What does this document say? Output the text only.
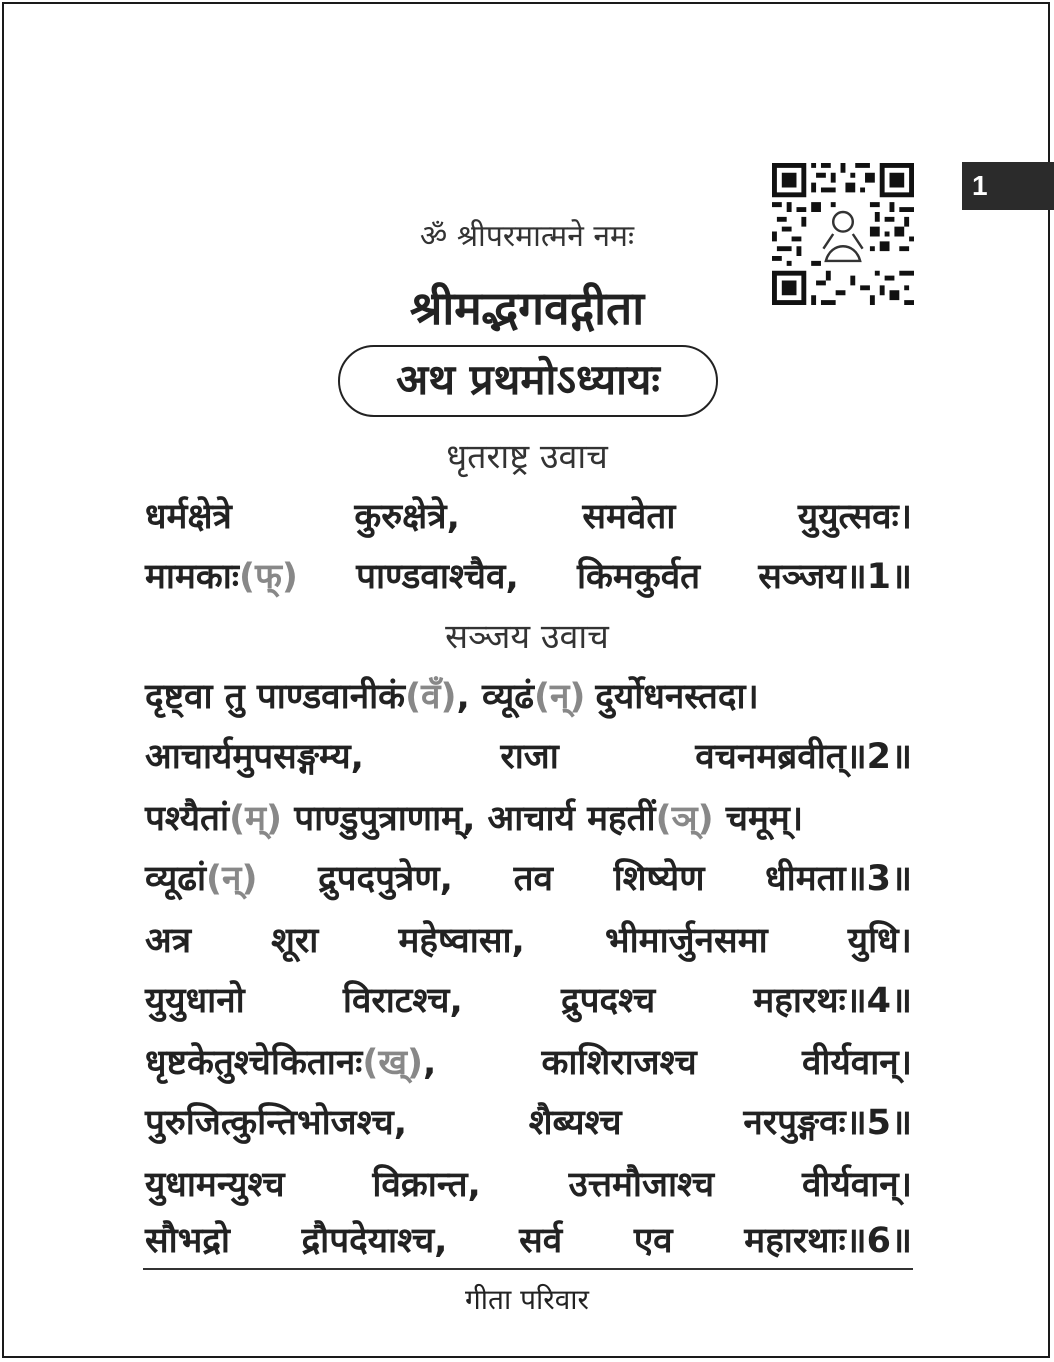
1
ॐ श्रीपरमात्मने नमः
श्रीमद्भगवद्गीता
अथ प्रथमोऽध्यायः
धृतराष्ट्र उवाच
धर्मक्षेत्रे	कुरुक्षेत्रे,	समवेता	युयुत्सवः।
मामकाः(फ्) पाण्डवाश्चैव, किमकुर्वत सञ्जय॥1॥
सञ्जय उवाच
दृष्ट्वा तु पाण्डवानीकं(वँ), व्यूढं(न्) दुर्योधनस्तदा।
आचार्यमुपसङ्गम्य,	राजा	वचनमब्रवीत्॥2॥
पश्यैतां(म्) पाण्डुपुत्राणाम्, आचार्य महतीं(ञ्) चमूम्।
व्यूढां(न्) द्रुपदपुत्रेण, तव शिष्येण धीमता॥3॥
अत्र शूरा महेष्वासा, भीमार्जुनसमा युधि।
युयुधानो	विराटश्च,	द्रुपदश्च	महारथः॥4॥
धृष्टकेतुश्चेकितानः(ख्),	काशिराजश्च	वीर्यवान्।
पुरुजित्कुन्तिभोजश्च,	शैब्यश्च	नरपुङ्गवः॥5॥
युधामन्युश्च	विक्रान्त,	उत्तमौजाश्च	वीर्यवान्।
सौभद्रो द्रौपदेयाश्च, सर्व एव महारथाः॥6॥
गीता परिवार
